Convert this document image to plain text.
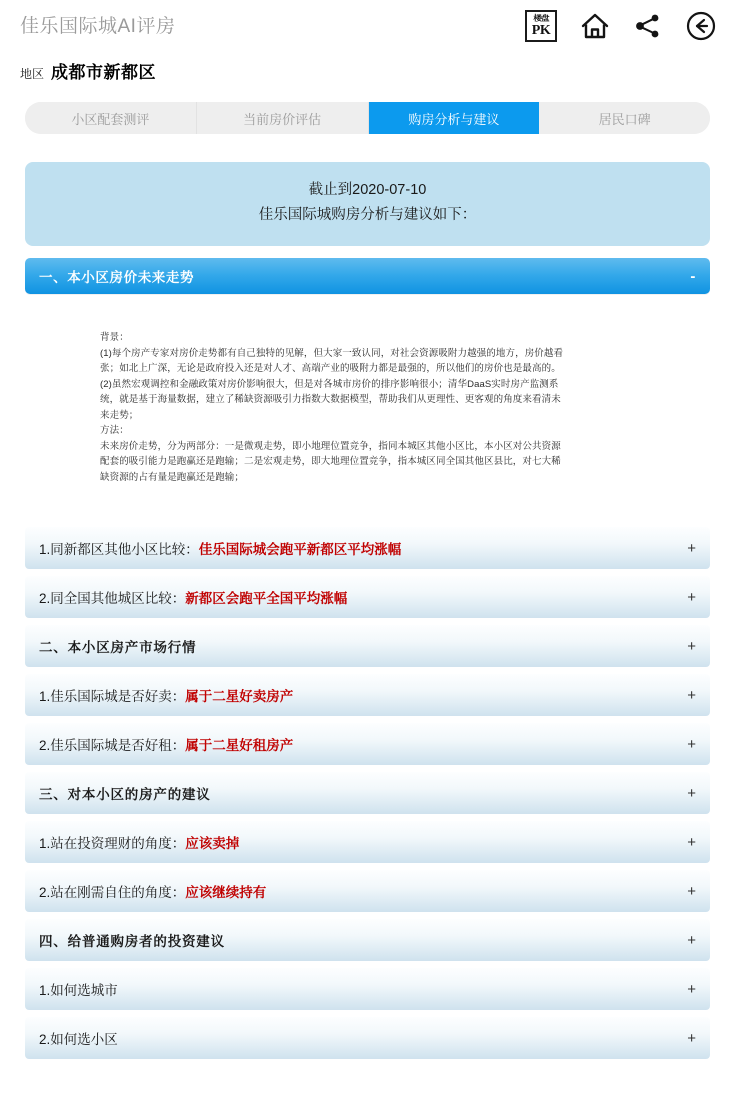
佳乐国际城AI评房	楼盘
PK
地区 成都市新都区
小区配套测评	当前房价评估	购房分析与建议	居民口碑
截止到2020-07-10
佳乐国际城购房分析与建议如下：
一、本小区房价未来走势	-

背景：

(1)每个房产专家对房价走势都有自己独特的见解，但大家一致认同，对社会资源吸附力越强的地方，房价越看

张；如北上广深，无论是政府投入还是对人才、高端产业的吸附力都是最强的，所以他们的房价也是最高的。

(2)虽然宏观调控和金融政策对房价影响很大，但是对各城市房价的排序影响很小；清华DaaS实时房产监测系

统，就是基于海量数据，建立了稀缺资源吸引力指数大数据模型，帮助我们从更理性、更客观的角度来看清未

来走势；

方法：

未来房价走势，分为两部分：一是微观走势，即小地理位置竞争，指同本城区其他小区比，本小区对公共资源

配套的吸引能力是跑赢还是跑输；二是宏观走势，即大地理位置竞争，指本城区同全国其他区县比，对七大稀

缺资源的占有量是跑赢还是跑输；

1.同新都区其他小区比较：佳乐国际城会跑平新都区平均涨幅	+
2.同全国其他城区比较：新都区会跑平全国平均涨幅	+
二、本小区房产市场行情	+
1.佳乐国际城是否好卖：属于二星好卖房产	+
2.佳乐国际城是否好租：属于二星好租房产	+
三、对本小区的房产的建议	+
1.站在投资理财的角度：应该卖掉	+
2.站在刚需自住的角度：应该继续持有	+
四、给普通购房者的投资建议	+
1.如何选城市	+
2.如何选小区	+
